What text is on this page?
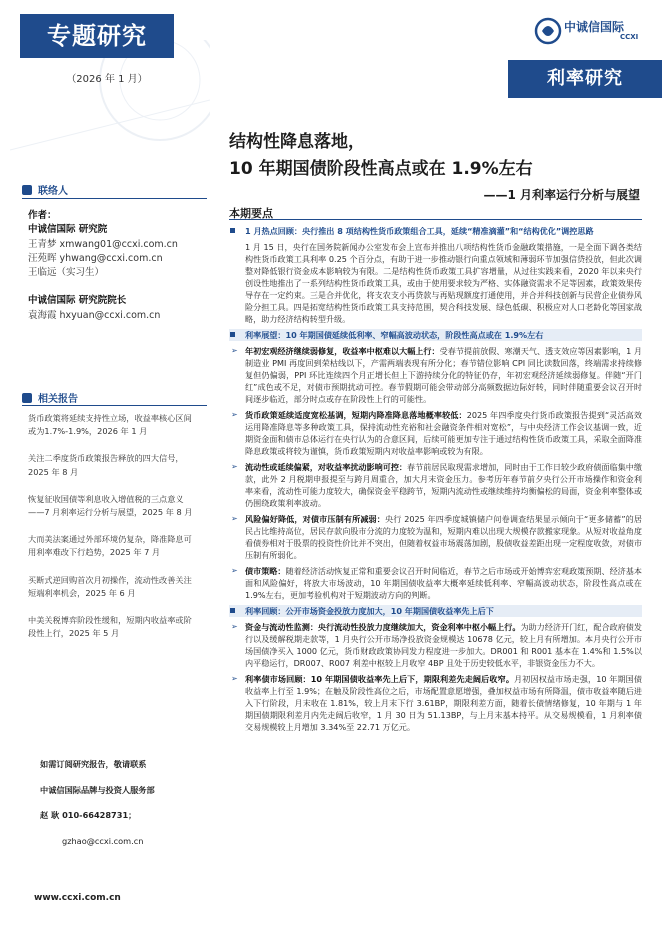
专题研究
（2026 年 1 月）
联络人
作者：
中诚信国际 研究院
王青梦 xmwang01@ccxi.com.cn
汪苑晖 yhwang@ccxi.com.cn
王临远（实习生）
中诚信国际 研究院院长
袁海霞 hxyuan@ccxi.com.cn
相关报告
货币政策将延续支持性立场，收益率核心区间或为1.7%-1.9%，2026 年 1 月
关注二季度货币政策报告释放的四大信号，2025 年 8 月
恢复征收国债等利息收入增值税的三点意义——7 月利率运行分析与展望，2025 年 8 月
大而美法案通过外部环境仍复杂，降准降息可用利率难改下行趋势，2025 年 7 月
买断式逆回购首次月初操作，流动性改善关注短端利率机会，2025 年 6 月
中美关税博弈阶段性缓和，短期内收益率或阶段性上行，2025 年 5 月
如需订阅研究报告，敬请联系
中诚信国际品牌与投资人服务部
赵 耿 010-66428731；
gzhao@ccxi.com.cn
www.ccxi.com.cn
中诚信国际
CCXI
利率研究
结构性降息落地，
10 年期国债阶段性高点或在 1.9%左右
——1 月利率运行分析与展望
本期要点
1 月热点回顾：央行推出 8 项结构性货币政策组合工具，延续“精准滴灌”和“结构优化”调控思路
1 月 15 日，央行在国务院新闻办公室发布会上宣布并推出八项结构性货币金融政策措施，一是全面下调各类结构性货币政策工具利率 0.25 个百分点，有助于进一步推动银行向重点领域和薄弱环节加强信贷投放，但此次调整对降低银行资金成本影响较为有限。二是结构性货币政策工具扩容增量，从过往实践来看，2020 年以来央行创设性地推出了一系列结构性货币政策工具，或由于使用要求较为严格、实体融资需求不足等因素，政策效果传导存在一定约束。三是合并优化，将支农支小再贷款与再贴现额度打通使用，并合并科技创新与民营企业债券风险分担工具。四是拓宽结构性货币政策工具支持范围，契合科技发展、绿色低碳、积极应对人口老龄化等国家战略，助力经济结构转型升级。
利率展望：10 年期国债延续低利率、窄幅高波动状态，阶段性高点或在 1.9%左右
➢ 年初宏观经济继续弱修复，收益率中枢难以大幅上行：受春节提前放假、寒潮天气、透支效应等因素影响，1 月制造业 PMI 再度回到荣枯线以下，产需两端表现有所分化；春节错位影响 CPI 同比读数回落，终端需求持续修复但仍偏弱，PPI 环比连续四个月正增长但上下游持续分化的特征仍存，年初宏观经济延续弱修复。伴随“开门红”成色或不足，对债市预期扰动可控。春节假期可能会带动部分高频数据边际好转，同时伴随重要会议召开时间逐步临近，部分时点或存在阶段性上行的可能性。
➢ 货币政策延续适度宽松基调，短期内降准降息落地概率较低：2025 年四季度央行货币政策报告提到“灵活高效运用降准降息等多种政策工具，保持流动性充裕和社会融资条件相对宽松”，与中央经济工作会议基调一致，近期资金面和债市总体运行在央行认为的合意区间，后续可能更加专注于通过结构性货币政策工具，采取全面降准降息政策或将较为谨慎，货币政策短期内对收益率影响或较为有限。
➢ 流动性或延续偏紧，对收益率扰动影响可控：春节前居民取现需求增加，同时由于工作日较少政府债面临集中缴款，此外 2 月税期申报提至与跨月周重合，加大月末资金压力。参考历年春节前夕央行公开市场操作和资金利率来看，流动性可能力度较大，确保资金平稳跨节，短期内流动性或继续维持均衡偏松的局面，资金利率整体或仍围绕政策利率波动。
➢ 风险偏好降低，对债市压制有所减弱：央行 2025 年四季度城镇储户问卷调查结果显示倾向于“更多储蓄”的居民占比维持高位，居民存款向股市分流的力度较为温和，短期内难以出现大规模存款搬家现象。从短对收益角度看债券相对于股票的投资性价比并不突出，但随着权益市场震荡加剧，股债收益差距出现一定程度收敛，对债市压制有所弱化。
➢ 债市策略：随着经济活动恢复正常和重要会议召开时间临近，春节之后市场或开始博弈宏观政策预期、经济基本面和风险偏好，将放大市场波动，10 年期国债收益率大概率延续低利率、窄幅高波动状态，阶段性高点或在 1.9%左右，更加考验机构对于短期波动方向的判断。
利率回顾：公开市场资金投放力度加大，10 年期国债收益率先上后下
➢ 资金与流动性监测：央行流动性投放力度继续加大，资金利率中枢小幅上行。为助力经济开门红，配合政府债发行以及缓解税期走款等，1 月央行公开市场净投放资金规模达 10678 亿元，较上月有所增加。本月央行公开市场国债净买入 1000 亿元，货币财政政策协同发力程度进一步加大。DR001 和 R001 基本在 1.4%和 1.5%以内平稳运行，DR007、R007 利差中枢较上月收窄 4BP 且处于历史较低水平，非银资金压力不大。
➢ 利率债市场回顾：10 年期国债收益率先上后下，期限利差先走阔后收窄。月初因权益市场走强，10 年期国债收益率上行至 1.9%；在触及阶段性高位之后，市场配置意愿增强，叠加权益市场有所降温，债市收益率随后进入下行阶段，月末收在 1.81%，较上月末下行 3.61BP，期限利差方面，随着长债情绪修复，10 年期与 1 年期国债期限利差月内先走阔后收窄，1 月 30 日为 51.13BP，与上月末基本持平。从交易规模看，1 月利率债交易规模较上月增加 3.34%至 22.71 万亿元。
